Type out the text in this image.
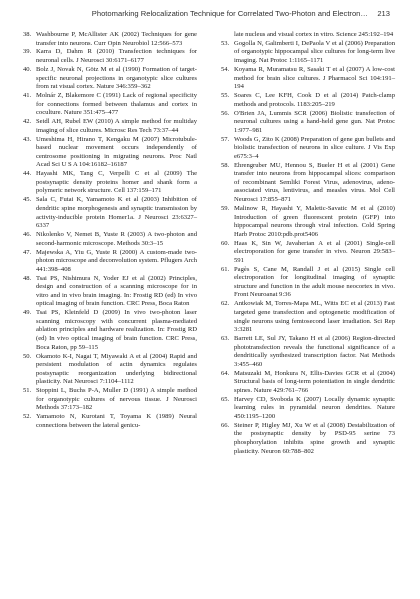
Photomarking Relocalization Technique for Correlated Two-Photon and Electron… 213
38. Washbourne P, McAllister AK (2002) Techniques for gene transfer into neurons. Curr Opin Neurobiol 12:566–573
39. Karra D, Dahm R (2010) Transfection techniques for neuronal cells. J Neurosci 30:6171–6177
40. Bolz J, Novak N, Götz M et al (1990) Formation of target-specific neuronal projections in organotypic slice cultures from rat visual cortex. Nature 346:359–362
41. Molnár Z, Blakemore C (1991) Lack of regional specificity for connections formed between thalamus and cortex in coculture. Nature 351:475–477
42. Seidl AH, Rubel EW (2010) A simple method for multiday imaging of slice cultures. Microsc Res Tech 73:37–44
43. Umeshima H, Hirano T, Kengaku M (2007) Microtubule-based nuclear movement occurs independently of centrosome positioning in migrating neurons. Proc Natl Acad Sci U S A 104:16182–16187
44. Hayashi MK, Tang C, Verpelli C et al (2009) The postsynaptic density proteins homer and shank form a polymeric network structure. Cell 137:159–171
45. Sala C, Futai K, Yamamoto K et al (2003) Inhibition of dendritic spine morphogenesis and synaptic transmission by activity-inducible protein Homer1a. J Neurosci 23:6327–6337
46. Nikolenko V, Nemet B, Yuste R (2003) A two-photon and second-harmonic microscope. Methods 30:3–15
47. Majewska A, Yiu G, Yuste R (2000) A custom-made two-photon microscope and deconvolution system. Pflugers Arch 441:398–408
48. Tsai PS, Nishimura N, Yoder EJ et al (2002) Principles, design and construction of a scanning microscope for in vitro and in vivo brain imaging. In: Frostig RD (ed) In vivo optical imaging of brain function. CRC Press, Boca Raton
49. Tsai PS, Kleinfeld D (2009) In vivo two-photon laser scanning microscopy with concurrent plasma-mediated ablation principles and hardware realization. In: Frostig RD (ed) In vivo optical imaging of brain function. CRC Press, Boca Raton, pp 59–115
50. Okamoto K-I, Nagai T, Miyawaki A et al (2004) Rapid and persistent modulation of actin dynamics regulates postsynaptic reorganization underlying bidirectional plasticity. Nat Neurosci 7:1104–1112
51. Stoppini L, Buchs P-A, Muller D (1991) A simple method for organotypic cultures of nervous tissue. J Neurosci Methods 37:173–182
52. Yamamoto N, Kurotani T, Toyama K (1989) Neural connections between the lateral genicu-
late nucleus and visual cortex in vitro. Science 245:192–194
53. Gogolla N, Galimberti I, DePaola V et al (2006) Preparation of organotypic hippocampal slice cultures for long-term live imaging. Nat Protoc 1:1165–1171
54. Koyama R, Muramatsu R, Sasaki T et al (2007) A low-cost method for brain slice cultures. J Pharmacol Sci 104:191–194
55. Soares C, Lee KFH, Cook D et al (2014) Patch-clamp methods and protocols. 1183:205–219
56. O'Brien JA, Lummis SCR (2006) Biolistic transfection of neuronal cultures using a hand-held gene gun. Nat Protoc 1:977–981
57. Woods G, Zito K (2008) Preparation of gene gun bullets and biolistic transfection of neurons in slice culture. J Vis Exp e675:3–4
58. Ehrengruber MU, Hennou S, Bueler H et al (2001) Gene transfer into neurons from hippocampal slices: comparison of recombinant Semliki Forest Virus, adenovirus, adeno-associated virus, lentivirus, and measles virus. Mol Cell Neurosci 17:855–871
59. Malinow R, Hayashi Y, Maletic-Savatic M et al (2010) Introduction of green fluorescent protein (GFP) into hippocampal neurons through viral infection. Cold Spring Harb Protoc 2010:pdb.prot5406
60. Haas K, Sin W, Javaherian A et al (2001) Single-cell electroporation for gene transfer in vivo. Neuron 29:583–591
61. Pagès S, Cane M, Randall J et al (2015) Single cell electroporation for longitudinal imaging of synaptic structure and function in the adult mouse neocortex in vivo. Front Neuroanat 9:36
62. Antkowiak M, Torres-Mapa ML, Witts EC et al (2013) Fast targeted gene transfection and optogenetic modification of single neurons using femtosecond laser irradiation. Sci Rep 3:3281
63. Barrett LE, Sul JY, Takano H et al (2006) Region-directed phototransfection reveals the functional significance of a dendritically synthesized transcription factor. Nat Methods 3:455–460
64. Matsuzaki M, Honkura N, Ellis-Davies GCR et al (2004) Structural basis of long-term potentiation in single dendritic spines. Nature 429:761–766
65. Harvey CD, Svoboda K (2007) Locally dynamic synaptic learning rules in pyramidal neuron dendrites. Nature 450:1195–1200
66. Steiner P, Higley MJ, Xu W et al (2008) Destabilization of the postsynaptic density by PSD-95 serine 73 phosphorylation inhibits spine growth and synaptic plasticity. Neuron 60:788–802
